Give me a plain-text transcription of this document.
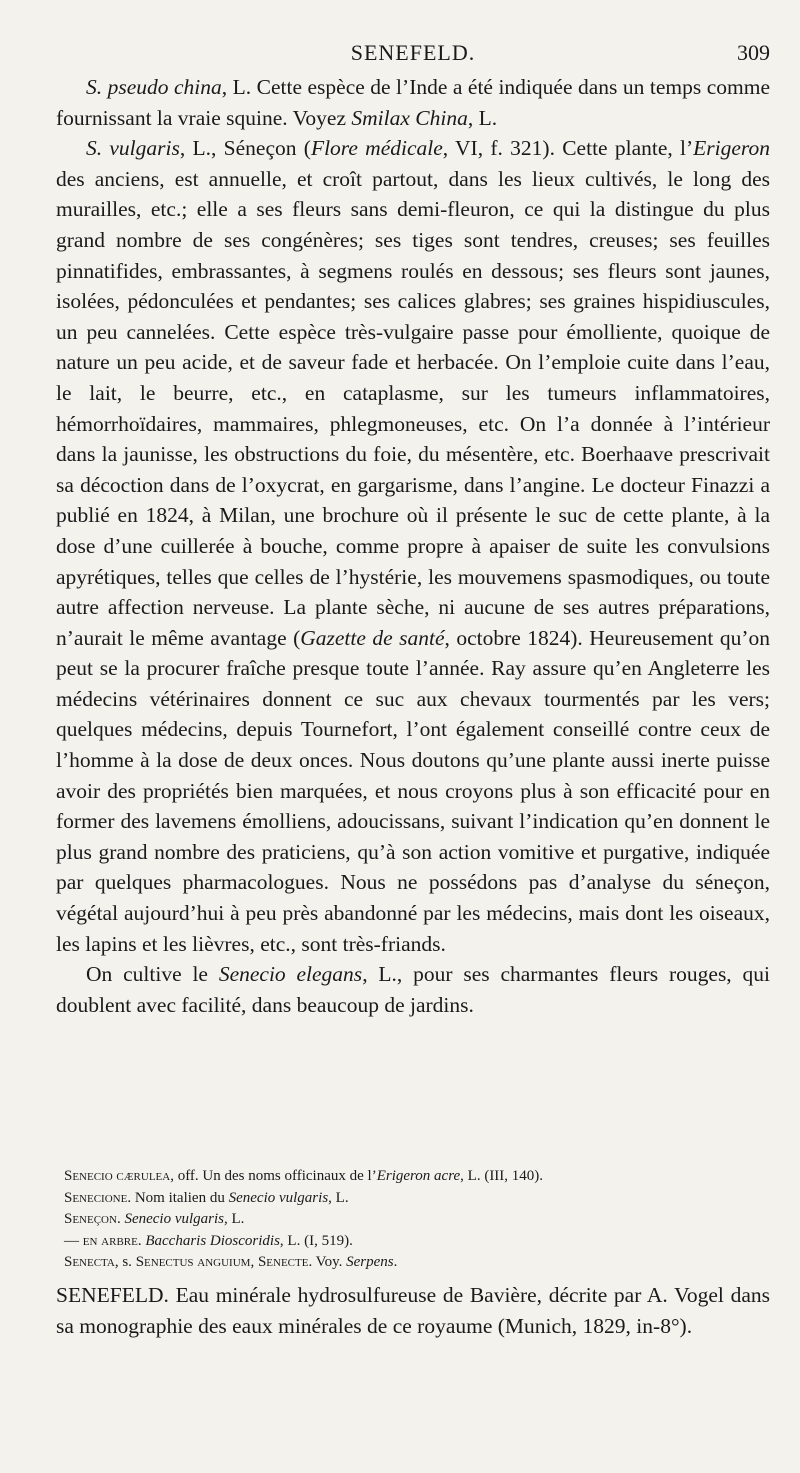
SENEFELD.	309

S. pseudo china, L. Cette espèce de l’Inde a été indiquée dans un temps comme fournissant la vraie squine. Voyez Smilax China, L.

S. vulgaris, L., Séneçon (Flore médicale, VI, f. 321). Cette plante, l’Erigeron des anciens, est annuelle, et croît partout, dans les lieux cultivés, le long des murailles, etc.; elle a ses fleurs sans demi-fleuron, ce qui la distingue du plus grand nombre de ses congénères; ses tiges sont tendres, creuses; ses feuilles pinnatifides, embrassantes, à segmens roulés en dessous; ses fleurs sont jaunes, isolées, pédonculées et pendantes; ses calices glabres; ses graines hispidiuscules, un peu cannelées. Cette espèce très-vulgaire passe pour émolliente, quoique de nature un peu acide, et de saveur fade et herbacée. On l’emploie cuite dans l’eau, le lait, le beurre, etc., en cataplasme, sur les tumeurs inflammatoires, hémorrhoïdaires, mammaires, phlegmoneuses, etc. On l’a donnée à l’intérieur dans la jaunisse, les obstructions du foie, du mésentère, etc. Boerhaave prescrivait sa décoction dans de l’oxycrat, en gargarisme, dans l’angine. Le docteur Finazzi a publié en 1824, à Milan, une brochure où il présente le suc de cette plante, à la dose d’une cuillerée à bouche, comme propre à apaiser de suite les convulsions apyrétiques, telles que celles de l’hystérie, les mouvemens spasmodiques, ou toute autre affection nerveuse. La plante sèche, ni aucune de ses autres préparations, n’aurait le même avantage (Gazette de santé, octobre 1824). Heureusement qu’on peut se la procurer fraîche presque toute l’année. Ray assure qu’en Angleterre les médecins vétérinaires donnent ce suc aux chevaux tourmentés par les vers; quelques médecins, depuis Tournefort, l’ont également conseillé contre ceux de l’homme à la dose de deux onces. Nous doutons qu’une plante aussi inerte puisse avoir des propriétés bien marquées, et nous croyons plus à son efficacité pour en former des lavemens émolliens, adoucissans, suivant l’indication qu’en donnent le plus grand nombre des praticiens, qu’à son action vomitive et purgative, indiquée par quelques pharmacologues. Nous ne possédons pas d’analyse du séneçon, végétal aujourd’hui à peu près abandonné par les médecins, mais dont les oiseaux, les lapins et les lièvres, etc., sont très-friands.

On cultive le Senecio elegans, L., pour ses charmantes fleurs rouges, qui doublent avec facilité, dans beaucoup de jardins.

Senecio cærulea, off. Un des noms officinaux de l’Erigeron acre, L. (III, 140).

Senecione. Nom italien du Senecio vulgaris, L.

Seneçon. Senecio vulgaris, L.

— en arbre. Baccharis Dioscoridis, L. (I, 519).

Senecta, s. Senectus anguium, Senecte. Voy. Serpens.

SENEFELD. Eau minérale hydrosulfureuse de Bavière, décrite par A. Vogel dans sa monographie des eaux minérales de ce royaume (Munich, 1829, in-8°).
